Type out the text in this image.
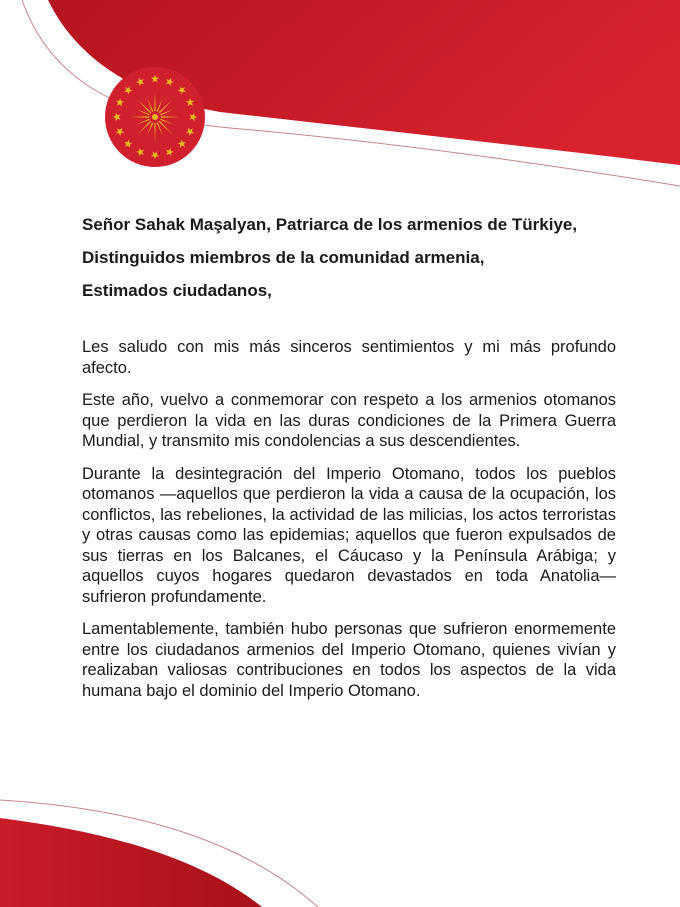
Señor Sahak Maşalyan, Patriarca de los armenios de Türkiye,

Distinguidos miembros de la comunidad armenia,

Estimados ciudadanos,

Les saludo con mis más sinceros sentimientos y mi más profundo afecto.

Este año, vuelvo a conmemorar con respeto a los armenios otomanos que perdieron la vida en las duras condiciones de la Primera Guerra Mundial, y transmito mis condolencias a sus descendientes.

Durante la desintegración del Imperio Otomano, todos los pueblos otomanos —aquellos que perdieron la vida a causa de la ocupación, los conflictos, las rebeliones, la actividad de las milicias, los actos terroristas y otras causas como las epidemias; aquellos que fueron expulsados de sus tierras en los Balcanes, el Cáucaso y la Península Arábiga; y aquellos cuyos hogares quedaron devastados en toda Anatolia— sufrieron profundamente.

Lamentablemente, también hubo personas que sufrieron enormemente entre los ciudadanos armenios del Imperio Otomano, quienes vivían y realizaban valiosas contribuciones en todos los aspectos de la vida humana bajo el dominio del Imperio Otomano.
